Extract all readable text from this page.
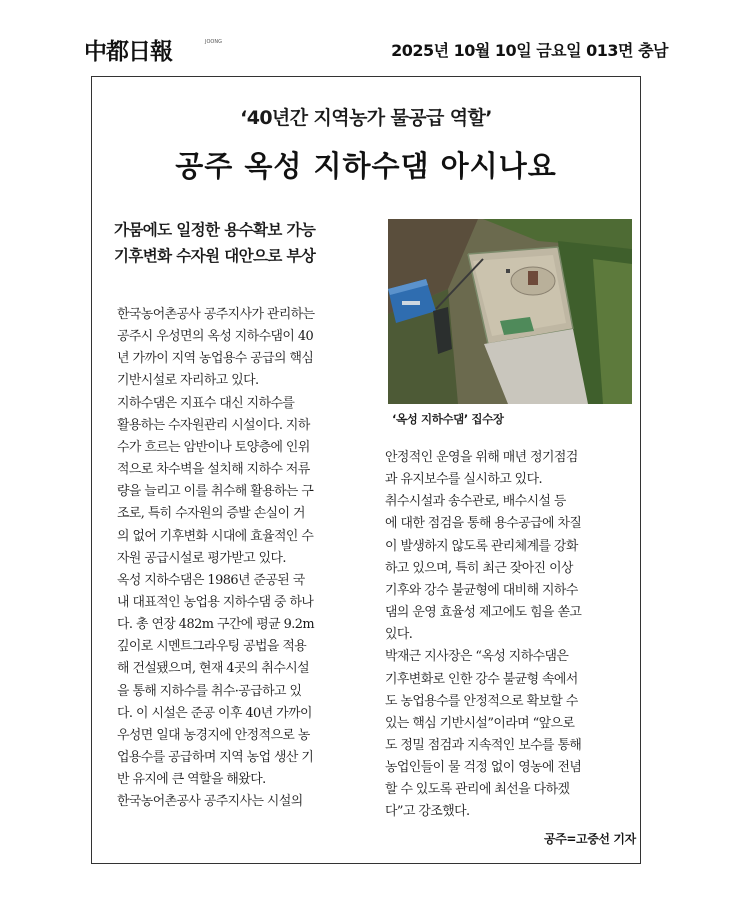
中都日報	JOONG	2025년 10월 10일 금요일 013면 충남
‘40년간 지역농가 물공급 역할’
공주 옥성 지하수댐 아시나요
가뭄에도 일정한 용수확보 가능
기후변화 수자원 대안으로 부상
‘옥성 지하수댐’ 집수장
한국농어촌공사 공주지사가 관리하는
공주시 우성면의 옥성 지하수댐이 40
년 가까이 지역 농업용수 공급의 핵심
기반시설로 자리하고 있다.
지하수댐은 지표수 대신 지하수를
활용하는 수자원관리 시설이다. 지하
수가 흐르는 암반이나 토양층에 인위
적으로 차수벽을 설치해 지하수 저류
량을 늘리고 이를 취수해 활용하는 구
조로, 특히 수자원의 증발 손실이 거
의 없어 기후변화 시대에 효율적인 수
자원 공급시설로 평가받고 있다.
옥성 지하수댐은 1986년 준공된 국
내 대표적인 농업용 지하수댐 중 하나
다. 총 연장 482m 구간에 평균 9.2m
깊이로 시멘트그라우팅 공법을 적용
해 건설됐으며, 현재 4곳의 취수시설
을 통해 지하수를 취수·공급하고 있
다. 이 시설은 준공 이후 40년 가까이
우성면 일대 농경지에 안정적으로 농
업용수를 공급하며 지역 농업 생산 기
반 유지에 큰 역할을 해왔다.
한국농어촌공사 공주지사는 시설의
안정적인 운영을 위해 매년 정기점검
과 유지보수를 실시하고 있다.
취수시설과 송수관로, 배수시설 등
에 대한 점검을 통해 용수공급에 차질
이 발생하지 않도록 관리체계를 강화
하고 있으며, 특히 최근 잦아진 이상
기후와 강수 불균형에 대비해 지하수
댐의 운영 효율성 제고에도 힘을 쏟고
있다.
박재근 지사장은 “옥성 지하수댐은
기후변화로 인한 강수 불균형 속에서
도 농업용수를 안정적으로 확보할 수
있는 핵심 기반시설”이라며 “앞으로
도 정밀 점검과 지속적인 보수를 통해
농업인들이 물 걱정 없이 영농에 전념
할 수 있도록 관리에 최선을 다하겠
다”고 강조했다.
공주=고중선 기자
